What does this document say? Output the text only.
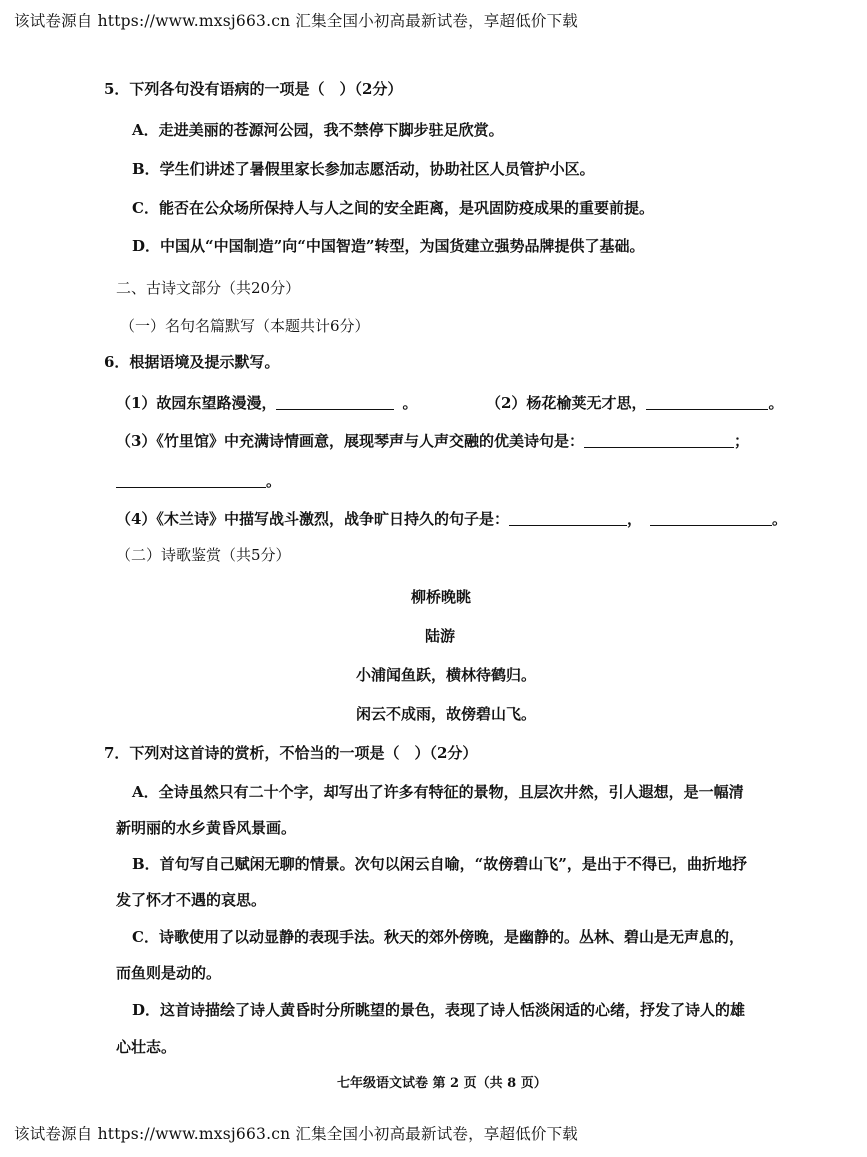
该试卷源自 https://www.mxsj663.cn 汇集全国小初高最新试卷，享超低价下载
5．下列各句没有语病的一项是（　）（2分）
A．走进美丽的苍源河公园，我不禁停下脚步驻足欣赏。
B．学生们讲述了暑假里家长参加志愿活动，协助社区人员管护小区。
C．能否在公众场所保持人与人之间的安全距离，是巩固防疫成果的重要前提。
D．中国从“中国制造”向“中国智造”转型，为国货建立强势品牌提供了基础。
二、古诗文部分（共20分）
（一）名句名篇默写（本题共计6分）
6．根据语境及提示默写。
（1）故园东望路漫漫，	。	（2）杨花榆荚无才思，	。
（3）《竹里馆》中充满诗情画意，展现琴声与人声交融的优美诗句是：	；
。
（4）《木兰诗》中描写战斗激烈，战争旷日持久的句子是：	，	。
（二）诗歌鉴赏（共5分）
柳桥晚眺
陆游
小浦闻鱼跃，横林待鹤归。
闲云不成雨，故傍碧山飞。
7．下列对这首诗的赏析，不恰当的一项是（　）（2分）
A．全诗虽然只有二十个字，却写出了许多有特征的景物，且层次井然，引人遐想，是一幅清
新明丽的水乡黄昏风景画。
B．首句写自己赋闲无聊的情景。次句以闲云自喻，“故傍碧山飞”，是出于不得已，曲折地抒
发了怀才不遇的哀思。
C．诗歌使用了以动显静的表现手法。秋天的郊外傍晚，是幽静的。丛林、碧山是无声息的，
而鱼则是动的。
D．这首诗描绘了诗人黄昏时分所眺望的景色，表现了诗人恬淡闲适的心绪，抒发了诗人的雄
心壮志。
七年级语文试卷 第 2 页（共 8 页）
该试卷源自 https://www.mxsj663.cn 汇集全国小初高最新试卷，享超低价下载
